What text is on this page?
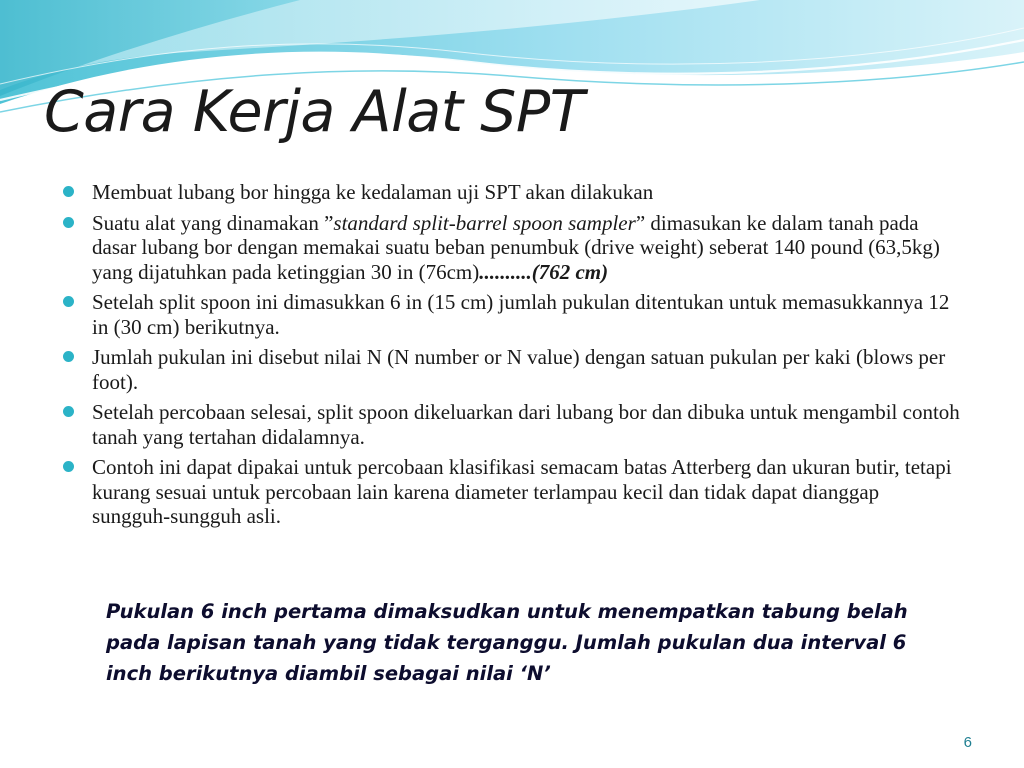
Cara Kerja Alat SPT
Membuat lubang bor hingga ke kedalaman uji SPT akan dilakukan
Suatu alat yang dinamakan ”standard split-barrel spoon sampler” dimasukan ke dalam tanah pada dasar lubang bor dengan memakai suatu beban penumbuk (drive weight) seberat 140 pound (63,5kg) yang dijatuhkan pada ketinggian 30 in (76cm)..........(762 cm)
Setelah split spoon ini dimasukkan 6 in (15 cm) jumlah pukulan ditentukan untuk memasukkannya 12 in (30 cm) berikutnya.
Jumlah pukulan ini disebut nilai N (N number or N value) dengan satuan pukulan per kaki (blows per foot).
Setelah percobaan selesai, split spoon dikeluarkan dari lubang bor dan dibuka untuk mengambil contoh tanah yang tertahan didalamnya.
Contoh ini dapat dipakai untuk percobaan klasifikasi semacam batas Atterberg dan ukuran butir, tetapi kurang sesuai untuk percobaan lain karena diameter terlampau kecil dan tidak dapat dianggap sungguh-sungguh asli.

Pukulan 6 inch pertama dimaksudkan untuk menempatkan tabung belah pada lapisan tanah yang tidak terganggu. Jumlah pukulan dua interval 6 inch berikutnya diambil sebagai nilai ‘N’

6
